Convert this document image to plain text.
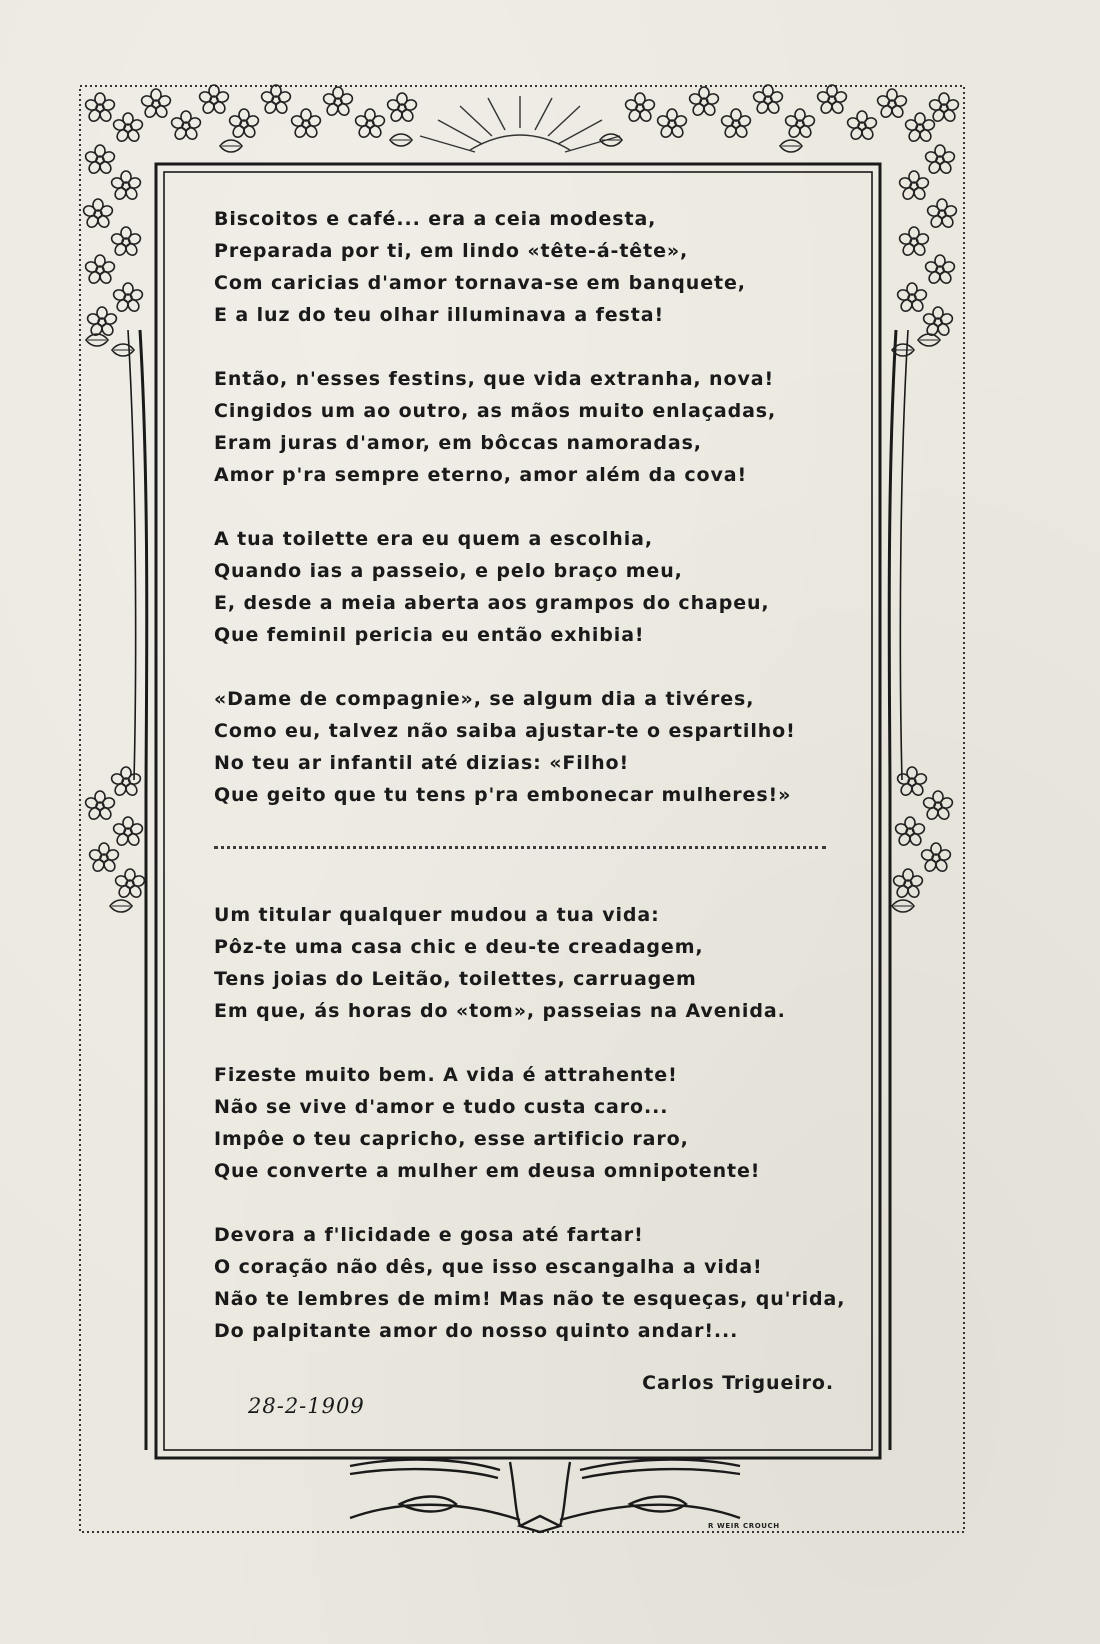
Biscoitos e café... era a ceia modesta,
Preparada por ti, em lindo «tête-á-tête»,
Com caricias d'amor tornava-se em banquete,
E a luz do teu olhar illuminava a festa!
Então, n'esses festins, que vida extranha, nova!
Cingidos um ao outro, as mãos muito enlaçadas,
Eram juras d'amor, em bôccas namoradas,
Amor p'ra sempre eterno, amor além da cova!
A tua toilette era eu quem a escolhia,
Quando ias a passeio, e pelo braço meu,
E, desde a meia aberta aos grampos do chapeu,
Que feminil pericia eu então exhibia!
«Dame de compagnie», se algum dia a tivéres,
Como eu, talvez não saiba ajustar-te o espartilho!
No teu ar infantil até dizias: «Filho!
Que geito que tu tens p'ra embonecar mulheres!»
Um titular qualquer mudou a tua vida:
Pôz-te uma casa chic e deu-te creadagem,
Tens joias do Leitão, toilettes, carruagem
Em que, ás horas do «tom», passeias na Avenida.
Fizeste muito bem. A vida é attrahente!
Não se vive d'amor e tudo custa caro...
Impôe o teu capricho, esse artificio raro,
Que converte a mulher em deusa omnipotente!
Devora a f'licidade e gosa até fartar!
O coração não dês, que isso escangalha a vida!
Não te lembres de mim! Mas não te esqueças, qu'rida,
Do palpitante amor do nosso quinto andar!...
Carlos Trigueiro.
28-2-1909
R WEIR CROUCH
